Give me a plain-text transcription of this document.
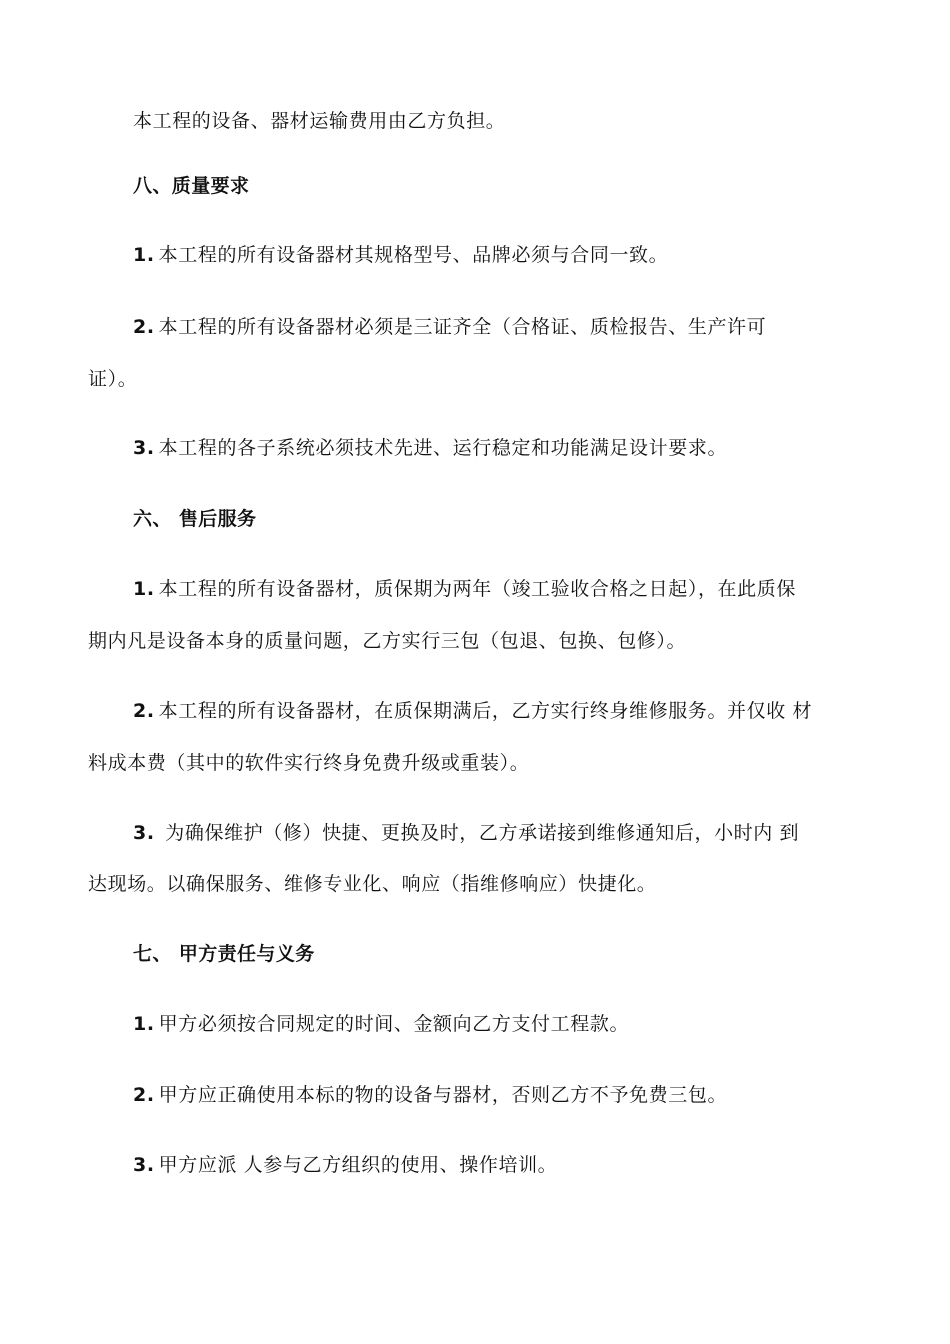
本工程的设备、器材运输费用由乙方负担。
八、质量要求
1. 本工程的所有设备器材其规格型号、品牌必须与合同一致。
2. 本工程的所有设备器材必须是三证齐全（合格证、质检报告、生产许可
证）。
3. 本工程的各子系统必须技术先进、运行稳定和功能满足设计要求。
六、 售后服务
1. 本工程的所有设备器材，质保期为两年（竣工验收合格之日起），在此质保
期内凡是设备本身的质量问题，乙方实行三包（包退、包换、包修）。
2. 本工程的所有设备器材，在质保期满后，乙方实行终身维修服务。并仅收 材
料成本费（其中的软件实行终身免费升级或重装）。
3. 为确保维护（修）快捷、更换及时，乙方承诺接到维修通知后，小时内 到
达现场。以确保服务、维修专业化、响应（指维修响应）快捷化。
七、 甲方责任与义务
1. 甲方必须按合同规定的时间、金额向乙方支付工程款。
2. 甲方应正确使用本标的物的设备与器材，否则乙方不予免费三包。
3. 甲方应派 人参与乙方组织的使用、操作培训。
